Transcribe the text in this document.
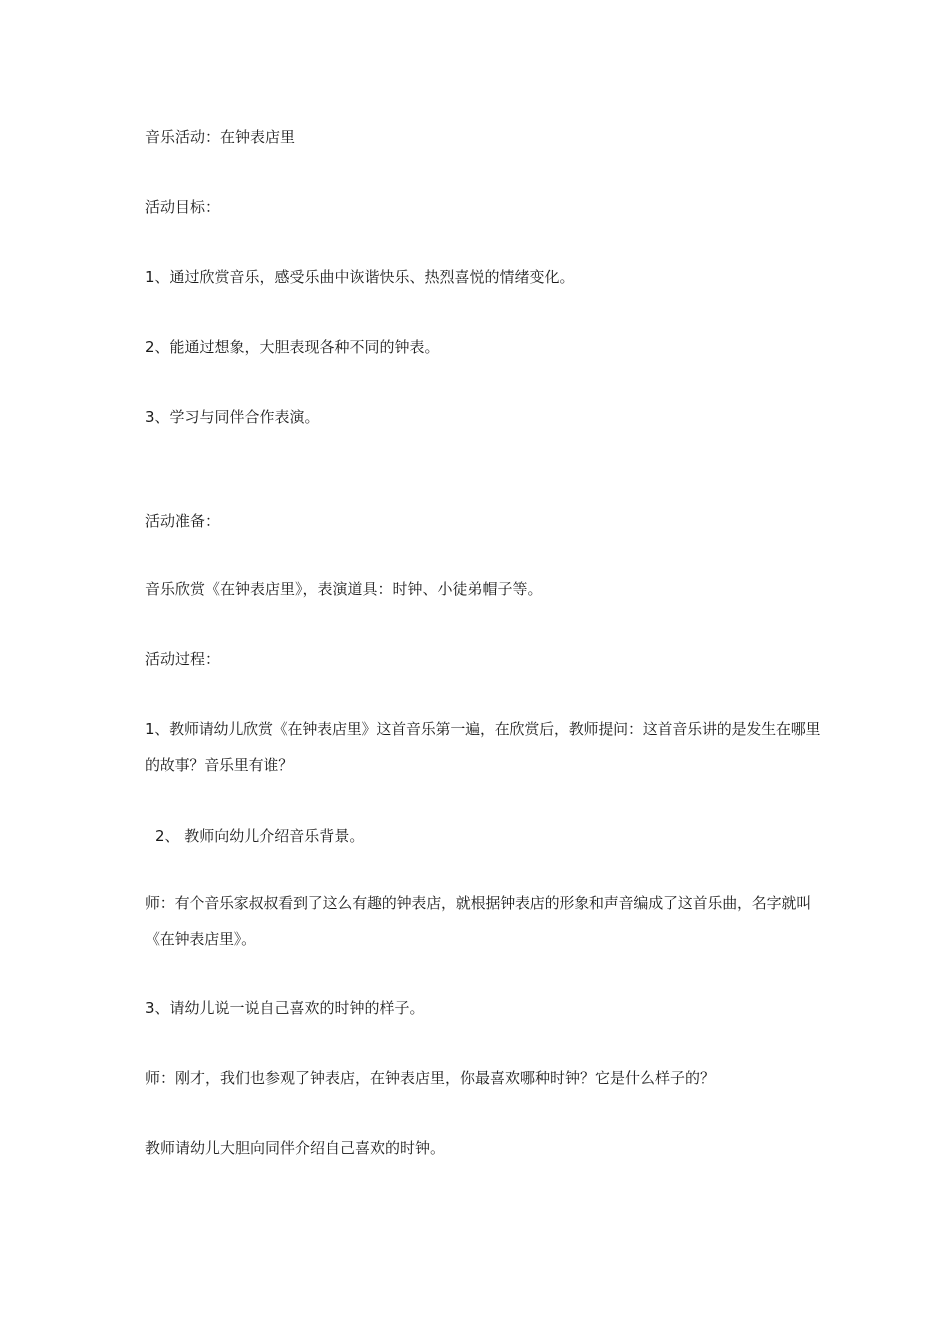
音乐活动：在钟表店里
活动目标：
1、通过欣赏音乐，感受乐曲中诙谐快乐、热烈喜悦的情绪变化。
2、能通过想象，大胆表现各种不同的钟表。
3、学习与同伴合作表演。
活动准备：
音乐欣赏《在钟表店里》，表演道具：时钟、小徒弟帽子等。
活动过程：
1、教师请幼儿欣赏《在钟表店里》这首音乐第一遍，在欣赏后，教师提问：这首音乐讲的是发生在哪里的故事？音乐里有谁？
2、 教师向幼儿介绍音乐背景。
师：有个音乐家叔叔看到了这么有趣的钟表店，就根据钟表店的形象和声音编成了这首乐曲，名字就叫《在钟表店里》。
3、请幼儿说一说自己喜欢的时钟的样子。
师：刚才，我们也参观了钟表店，在钟表店里，你最喜欢哪种时钟？它是什么样子的？
教师请幼儿大胆向同伴介绍自己喜欢的时钟。
